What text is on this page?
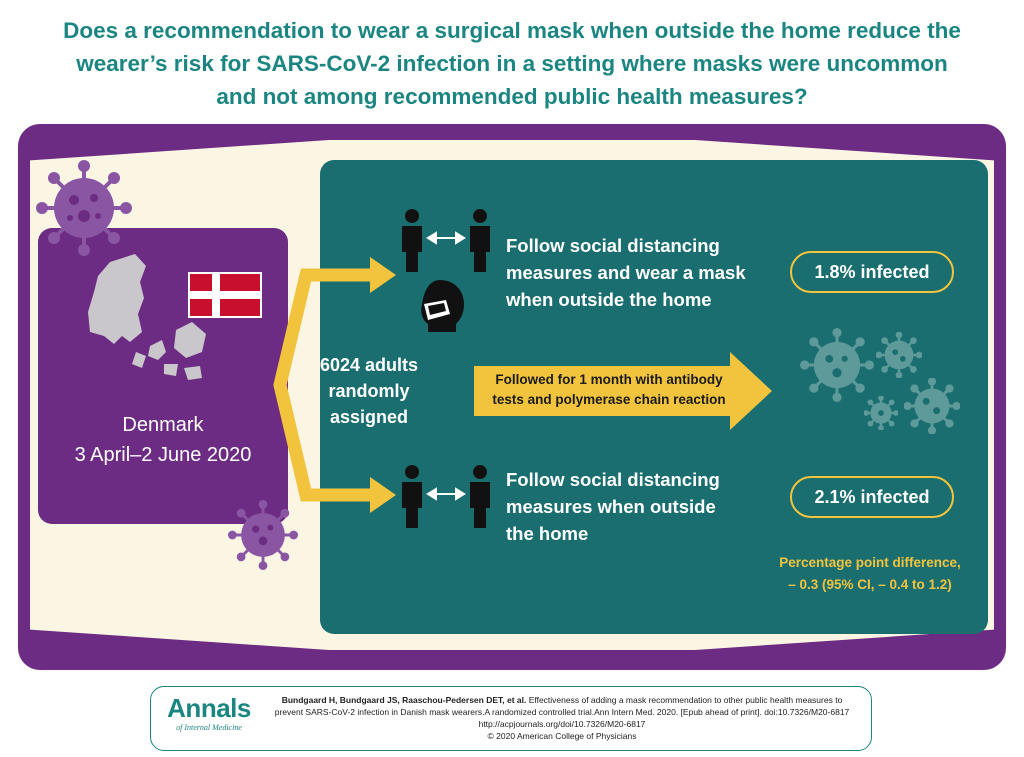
Does a recommendation to wear a surgical mask when outside the home reduce the
wearer’s risk for SARS-CoV-2 infection in a setting where masks were uncommon
and not among recommended public health measures?
Denmark
3 April–2 June 2020
6024 adults
randomly
assigned
Follow social distancing
measures and wear a mask
when outside the home
1.8% infected
Followed for 1 month with antibody
tests and polymerase chain reaction
Follow social distancing
measures when outside
the home
2.1% infected
Percentage point difference,
– 0.3 (95% CI, – 0.4 to 1.2)
Annals
of Internal Medicine
Bundgaard H, Bundgaard JS, Raaschou-Pedersen DET, et al. Effectiveness of adding a mask recommendation to other public health measures to
prevent SARS-CoV-2 infection in Danish mask wearers.A randomized controlled trial.Ann Intern Med. 2020. [Epub ahead of print]. doi:10.7326/M20-6817
http://acpjournals.org/doi/10.7326/M20-6817
© 2020 American College of Physicians
